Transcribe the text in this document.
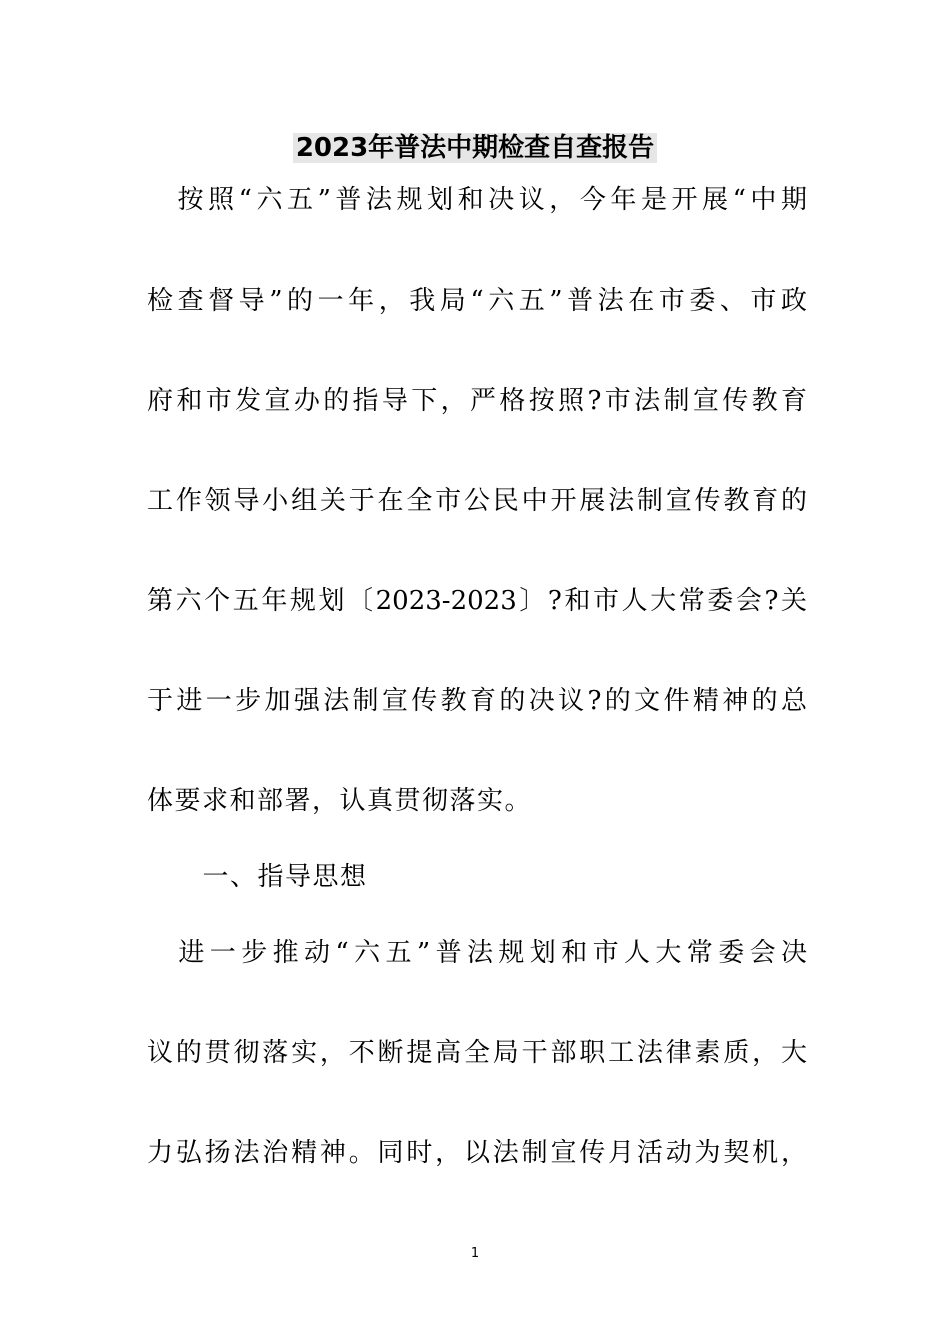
2023年普法中期检查自查报告
　按照“六五”普法规划和决议，今年是开展“中期
检查督导”的一年，我局“六五”普法在市委、市政
府和市发宣办的指导下，严格按照?市法制宣传教育
工作领导小组关于在全市公民中开展法制宣传教育的
第六个五年规划〔2023-2023〕?和市人大常委会?关
于进一步加强法制宣传教育的决议?的文件精神的总
体要求和部署，认真贯彻落实。
　一、指导思想
　进一步推动“六五”普法规划和市人大常委会决
议的贯彻落实，不断提高全局干部职工法律素质，大
力弘扬法治精神。同时，以法制宣传月活动为契机，
1
